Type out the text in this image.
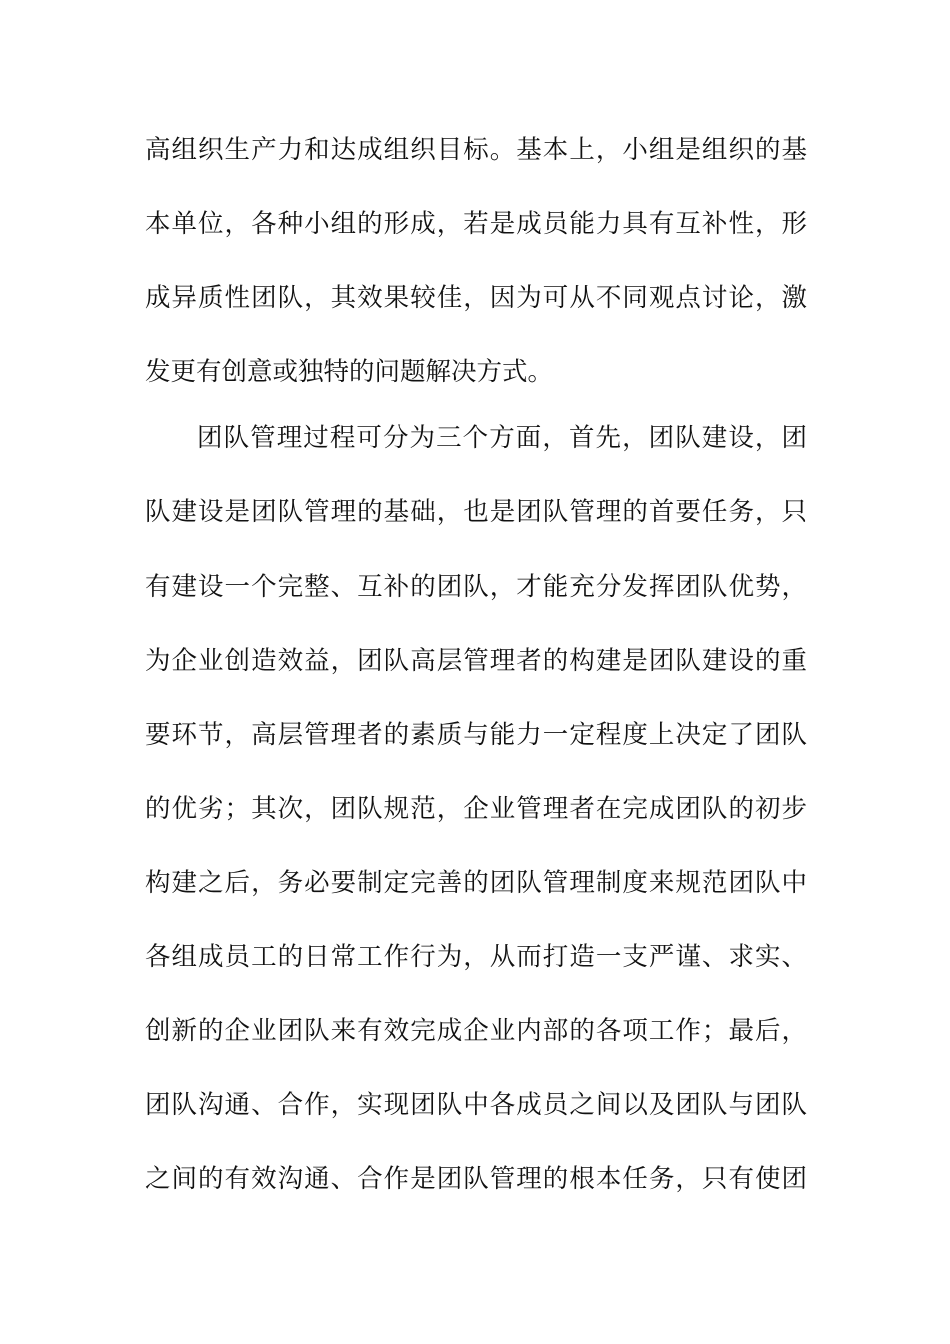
高组织生产力和达成组织目标。基本上，小组是组织的基
本单位，各种小组的形成，若是成员能力具有互补性，形
成异质性团队，其效果较佳，因为可从不同观点讨论，激
发更有创意或独特的问题解决方式。
团队管理过程可分为三个方面，首先，团队建设，团
队建设是团队管理的基础，也是团队管理的首要任务，只
有建设一个完整、互补的团队，才能充分发挥团队优势，
为企业创造效益，团队高层管理者的构建是团队建设的重
要环节，高层管理者的素质与能力一定程度上决定了团队
的优劣；其次，团队规范，企业管理者在完成团队的初步
构建之后，务必要制定完善的团队管理制度来规范团队中
各组成员工的日常工作行为，从而打造一支严谨、求实、
创新的企业团队来有效完成企业内部的各项工作；最后，
团队沟通、合作，实现团队中各成员之间以及团队与团队
之间的有效沟通、合作是团队管理的根本任务，只有使团
